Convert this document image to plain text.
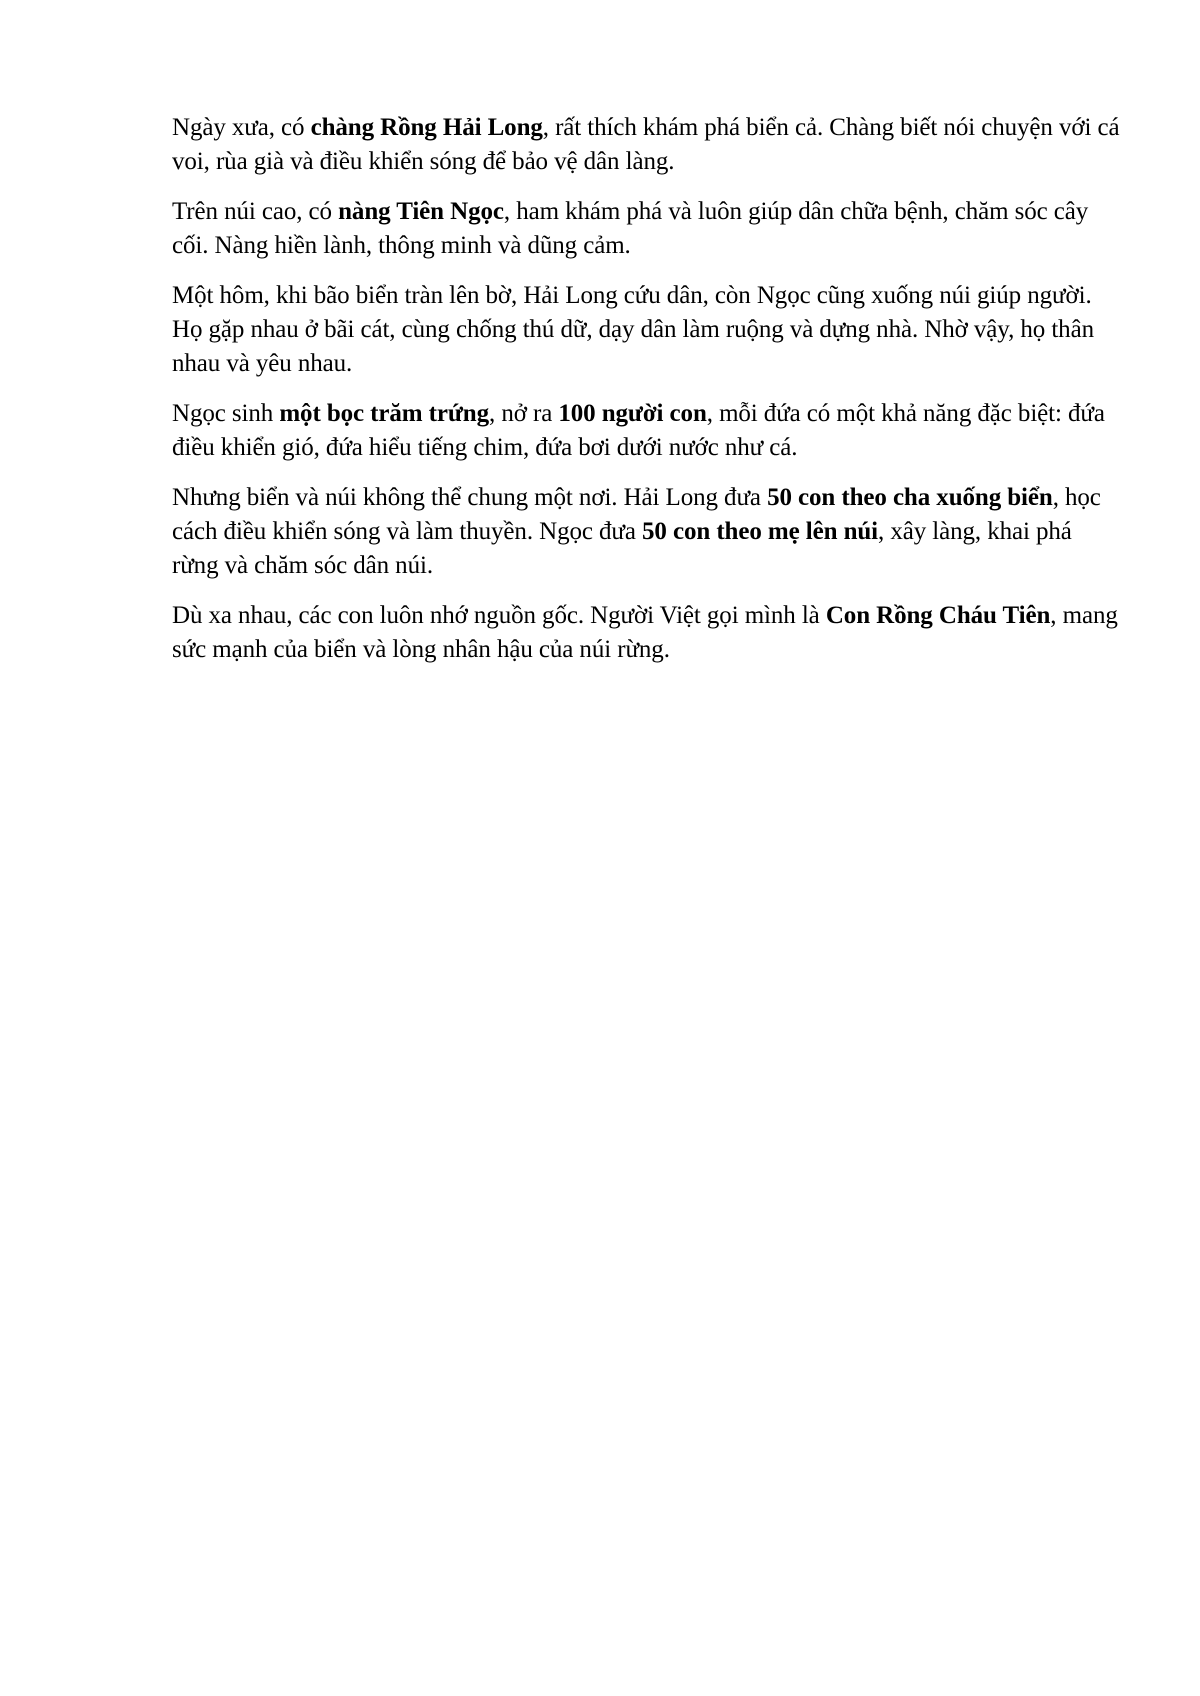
Ngày xưa, có chàng Rồng Hải Long, rất thích khám phá biển cả. Chàng biết nói chuyện với cá voi, rùa già và điều khiển sóng để bảo vệ dân làng.

Trên núi cao, có nàng Tiên Ngọc, ham khám phá và luôn giúp dân chữa bệnh, chăm sóc cây cối. Nàng hiền lành, thông minh và dũng cảm.

Một hôm, khi bão biển tràn lên bờ, Hải Long cứu dân, còn Ngọc cũng xuống núi giúp người. Họ gặp nhau ở bãi cát, cùng chống thú dữ, dạy dân làm ruộng và dựng nhà. Nhờ vậy, họ thân nhau và yêu nhau.

Ngọc sinh một bọc trăm trứng, nở ra 100 người con, mỗi đứa có một khả năng đặc biệt: đứa điều khiển gió, đứa hiểu tiếng chim, đứa bơi dưới nước như cá.

Nhưng biển và núi không thể chung một nơi. Hải Long đưa 50 con theo cha xuống biển, học cách điều khiển sóng và làm thuyền. Ngọc đưa 50 con theo mẹ lên núi, xây làng, khai phá rừng và chăm sóc dân núi.

Dù xa nhau, các con luôn nhớ nguồn gốc. Người Việt gọi mình là Con Rồng Cháu Tiên, mang sức mạnh của biển và lòng nhân hậu của núi rừng.
